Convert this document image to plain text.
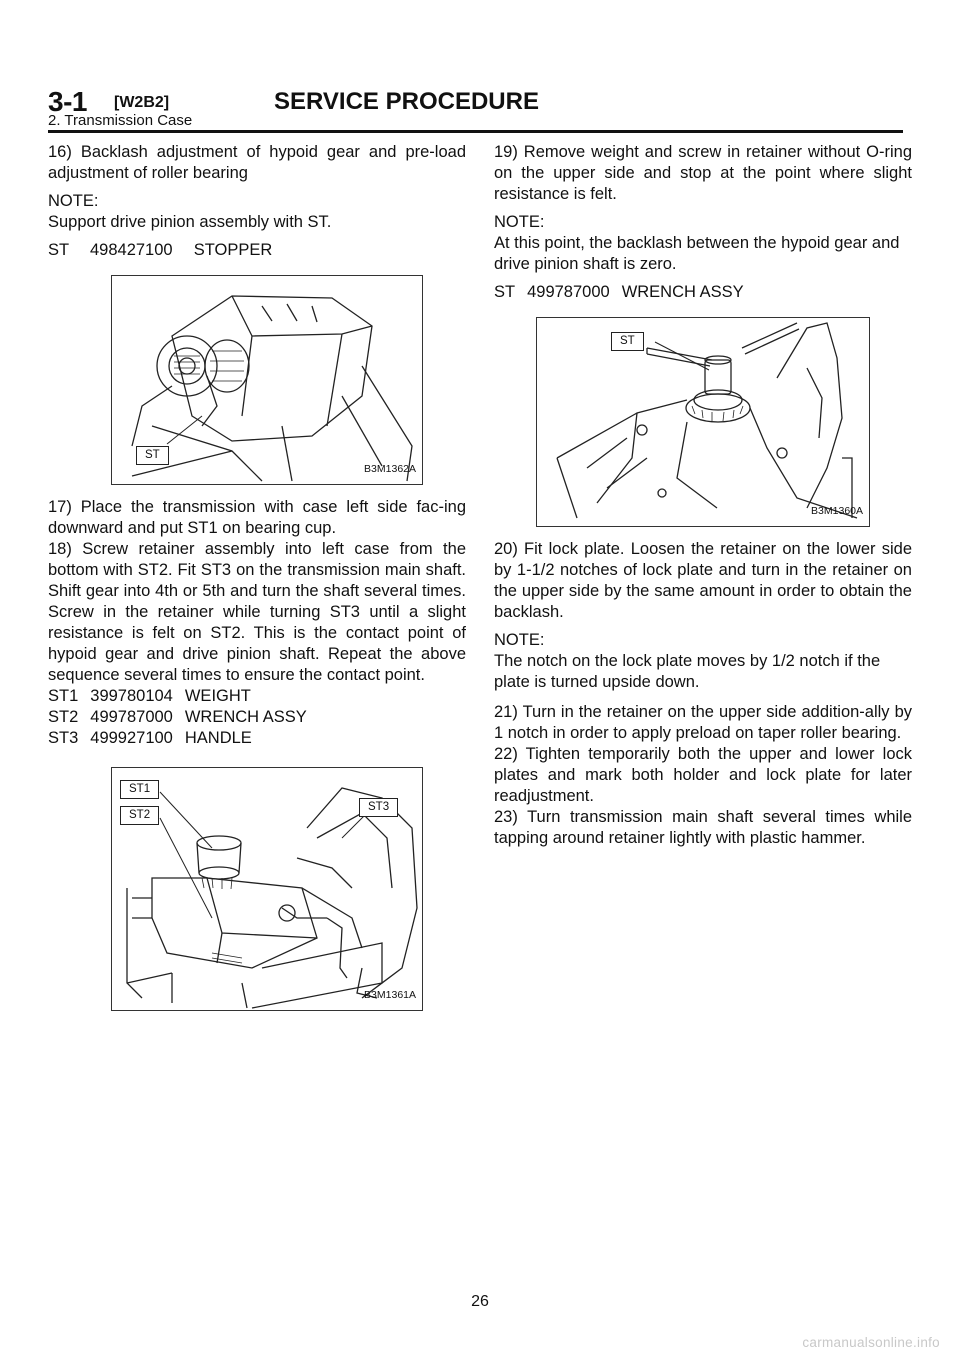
3-1 [W2B2]	SERVICE PROCEDURE
2. Transmission Case
16) Backlash adjustment of hypoid gear and pre-load adjustment of roller bearing
NOTE:
Support drive pinion assembly with ST.
ST 498427100 STOPPER
ST
B3M1362A
17) Place the transmission with case left side fac-ing downward and put ST1 on bearing cup.
18) Screw retainer assembly into left case from the bottom with ST2. Fit ST3 on the transmission main shaft. Shift gear into 4th or 5th and turn the shaft several times. Screw in the retainer while turning ST3 until a slight resistance is felt on ST2. This is the contact point of hypoid gear and drive pinion shaft. Repeat the above sequence several times to ensure the contact point.
ST1 399780104 WEIGHT
ST2 499787000 WRENCH ASSY
ST3 499927100 HANDLE
ST1
ST2
ST3
B3M1361A
19) Remove weight and screw in retainer without O-ring on the upper side and stop at the point where slight resistance is felt.
NOTE:
At this point, the backlash between the hypoid gear and drive pinion shaft is zero.
ST 499787000 WRENCH ASSY
ST
B3M1360A
20) Fit lock plate. Loosen the retainer on the lower side by 1-1/2 notches of lock plate and turn in the retainer on the upper side by the same amount in order to obtain the backlash.
NOTE:
The notch on the lock plate moves by 1/2 notch if the plate is turned upside down.
21) Turn in the retainer on the upper side addition-ally by 1 notch in order to apply preload on taper roller bearing.
22) Tighten temporarily both the upper and lower lock plates and mark both holder and lock plate for later readjustment.
23) Turn transmission main shaft several times while tapping around retainer lightly with plastic hammer.
26
carmanualsonline.info
